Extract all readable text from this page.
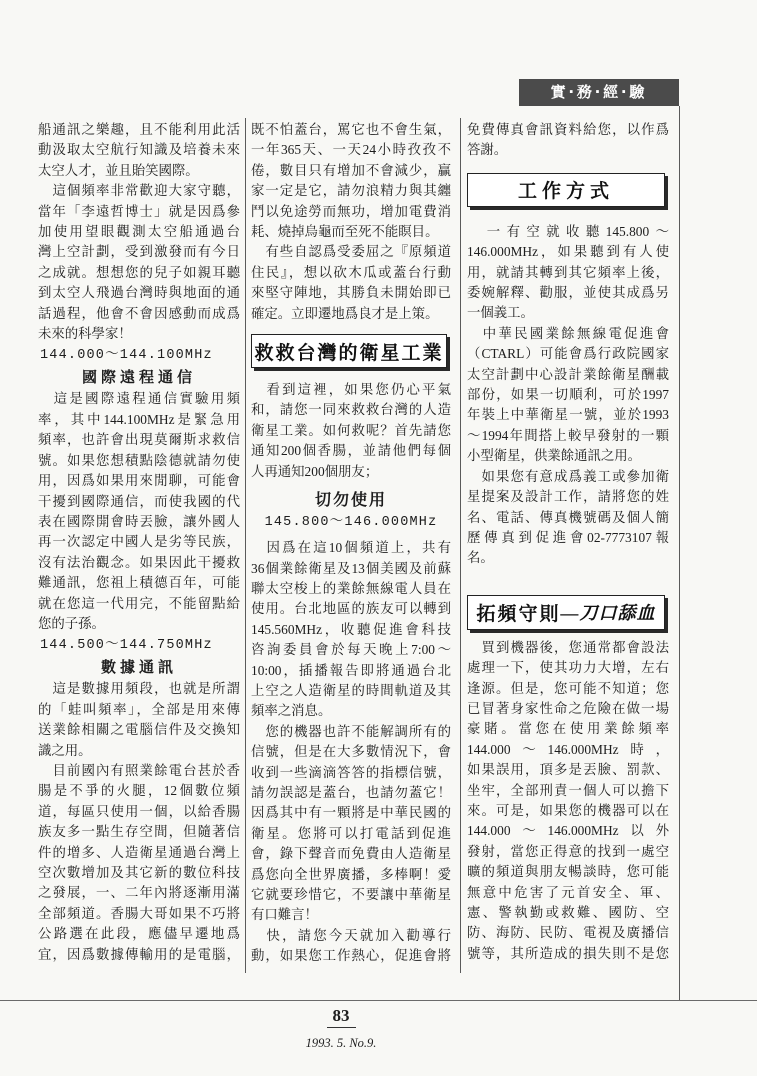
實‧務‧經‧驗
船通訊之樂趣，且不能利用此活
動汲取太空航行知識及培養未來
太空人才，並且貽笑國際。
　這個頻率非常歡迎大家守聽，
當年「李遠哲博士」就是因爲參
加使用望眼觀測太空船通過台
灣上空計劃，受到激發而有今日
之成就。想想您的兒子如親耳聽
到太空人飛過台灣時與地面的通
話過程，他會不會因感動而成爲
未來的科學家！
144.000～144.100MHz
國際遠程通信
　這是國際遠程通信實驗用頻
率，其中144.100MHz是緊急用
頻率，也許會出現莫爾斯求救信
號。如果您想積點陰德就請勿使
用，因爲如果用來閒聊，可能會
干擾到國際通信，而使我國的代
表在國際開會時丟臉，讓外國人
再一次認定中國人是劣等民族，
沒有法治觀念。如果因此干擾救
難通訊，您祖上積德百年，可能
就在您這一代用完，不能留點給
您的子孫。
144.500～144.750MHz
數據通訊
　這是數據用頻段，也就是所謂
的「蛙叫頻率」，全部是用來傳
送業餘相關之電腦信件及交換知
識之用。
　目前國內有照業餘電台甚於香
腸是不爭的火腿，12個數位頻
道，每區只使用一個，以給香腸
族友多一點生存空間，但隨著信
件的增多、人造衛星通過台灣上
空次數增加及其它新的數位科技
之發展，一、二年內將逐漸用滿
全部頻道。香腸大哥如果不巧將
公路選在此段，應儘早遷地爲
宜，因爲數據傳輸用的是電腦，
既不怕蓋台，罵它也不會生氣，
一年365天、一天24小時孜孜不
倦，數目只有增加不會減少，贏
家一定是它，請勿浪精力與其纏
鬥以免途勞而無功，增加電費消
耗、燒掉烏龜而至死不能瞑目。
　有些自認爲受委屈之『原頻道
住民』，想以砍木瓜或蓋台行動
來堅守陣地，其勝負未開始即已
確定。立即遷地爲良才是上策。
救救台灣的衛星工業
　看到這裡，如果您仍心平氣
和，請您一同來救救台灣的人造
衛星工業。如何救呢？首先請您
通知200個香腸，並請他們每個
人再通知200個朋友；
切勿使用
145.800～146.000MHz
　因爲在這10個頻道上，共有
36個業餘衛星及13個美國及前蘇
聯太空梭上的業餘無線電人員在
使用。台北地區的族友可以轉到
145.560MHz，收聽促進會科技
咨詢委員會於每天晚上7:00～
10:00，插播報告即將通過台北
上空之人造衛星的時間軌道及其
頻率之消息。
　您的機器也許不能解調所有的
信號，但是在大多數情況下，會
收到一些滴滴答答的指標信號，
請勿誤認是蓋台，也請勿蓋它！
因爲其中有一顆將是中華民國的
衛星。您將可以打電話到促進
會，錄下聲音而免費由人造衛星
爲您向全世界廣播，多棒啊！愛
它就要珍惜它，不要讓中華衛星
有口難言！
　快，請您今天就加入勸導行
動，如果您工作熱心，促進會將
免費傳真會訊資料給您，以作爲
答謝。
工作方式
　一有空就收聽145.800～
146.000MHz，如果聽到有人使
用，就請其轉到其它頻率上後，
委婉解釋、勸服，並使其成爲另
一個義工。
　中華民國業餘無線電促進會
（CTARL）可能會爲行政院國家
太空計劃中心設計業餘衛星酬載
部份，如果一切順利，可於1997
年裝上中華衛星一號，並於1993
～1994年間搭上較早發射的一顆
小型衛星，供業餘通訊之用。
　如果您有意成爲義工或參加衛
星提案及設計工作，請將您的姓
名、電話、傳真機號碼及個人簡
歷傳真到促進會02-7773107報
名。
拓頻守則 —刀口舔血
　買到機器後，您通常都會設法
處理一下，使其功力大增，左右
逢源。但是，您可能不知道；您
已冒著身家性命之危險在做一場
豪賭。當您在使用業餘頻率
144.000～146.000MHz時，
如果誤用，頂多是丟臉、罰款、
坐牢，全部刑責一個人可以擔下
來。可是，如果您的機器可以在
144.000～146.000MHz以外
發射，當您正得意的找到一處空
曠的頻道與朋友暢談時，您可能
無意中危害了元首安全、軍、
憲、警執勤或救難、國防、空
防、海防、民防、電視及廣播信
號等，其所造成的損失則不是您
83
1993. 5. No.9.
